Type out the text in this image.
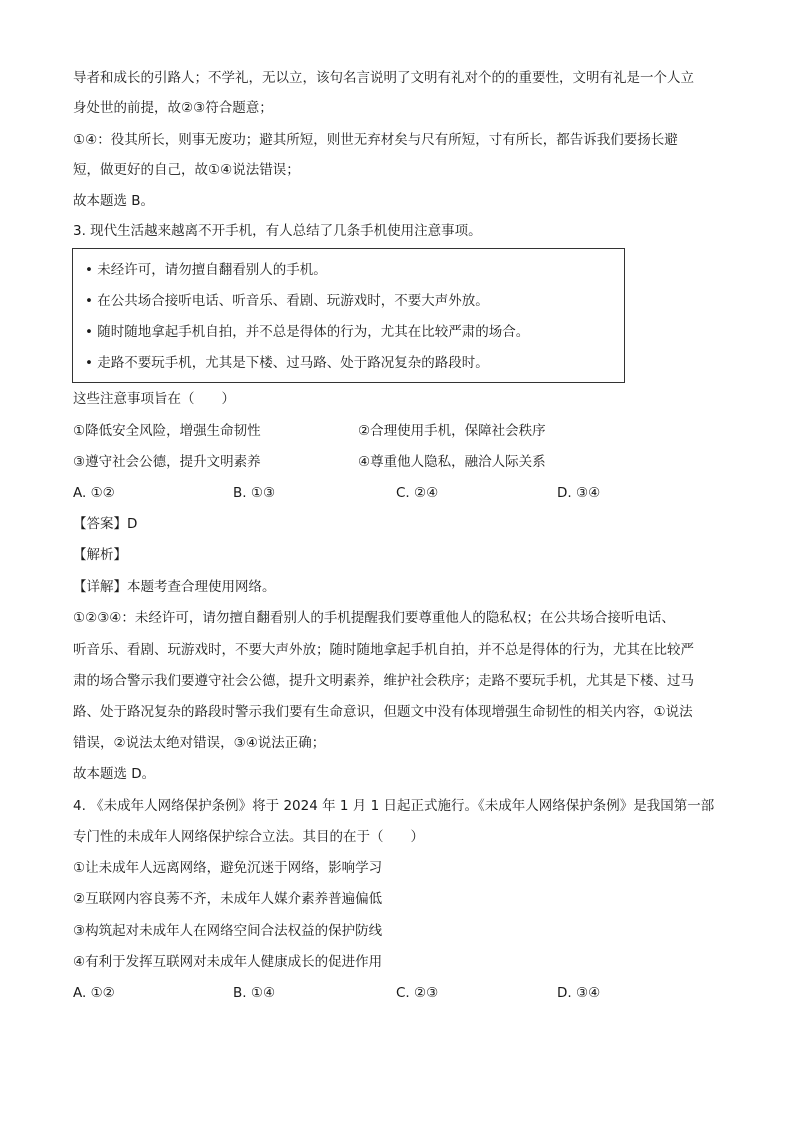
导者和成长的引路人；不学礼，无以立，该句名言说明了文明有礼对个的的重要性，文明有礼是一个人立
身处世的前提，故②③符合题意；
①④：役其所长，则事无废功；避其所短，则世无弃材矣与尺有所短，寸有所长，都告诉我们要扬长避
短，做更好的自己，故①④说法错误；
故本题选 B。
3. 现代生活越来越离不开手机，有人总结了几条手机使用注意事项。
• 未经许可，请勿擅自翻看别人的手机。
• 在公共场合接听电话、听音乐、看剧、玩游戏时，不要大声外放。
• 随时随地拿起手机自拍，并不总是得体的行为，尤其在比较严肃的场合。
• 走路不要玩手机，尤其是下楼、过马路、处于路况复杂的路段时。
这些注意事项旨在（　　）
①降低安全风险，增强生命韧性	②合理使用手机，保障社会秩序
③遵守社会公德，提升文明素养	④尊重他人隐私，融洽人际关系
A. ①②	B. ①③	C. ②④	D. ③④
【答案】D
【解析】
【详解】本题考查合理使用网络。
①②③④：未经许可，请勿擅自翻看别人的手机提醒我们要尊重他人的隐私权；在公共场合接听电话、
听音乐、看剧、玩游戏时，不要大声外放；随时随地拿起手机自拍，并不总是得体的行为，尤其在比较严
肃的场合警示我们要遵守社会公德，提升文明素养，维护社会秩序；走路不要玩手机，尤其是下楼、过马
路、处于路况复杂的路段时警示我们要有生命意识，但题文中没有体现增强生命韧性的相关内容，①说法
错误，②说法太绝对错误，③④说法正确；
故本题选 D。
4. 《未成年人网络保护条例》将于 2024 年 1 月 1 日起正式施行。《未成年人网络保护条例》是我国第一部
专门性的未成年人网络保护综合立法。其目的在于（　　）
①让未成年人远离网络，避免沉迷于网络，影响学习
②互联网内容良莠不齐，未成年人媒介素养普遍偏低
③构筑起对未成年人在网络空间合法权益的保护防线
④有利于发挥互联网对未成年人健康成长的促进作用
A. ①②	B. ①④	C. ②③	D. ③④
